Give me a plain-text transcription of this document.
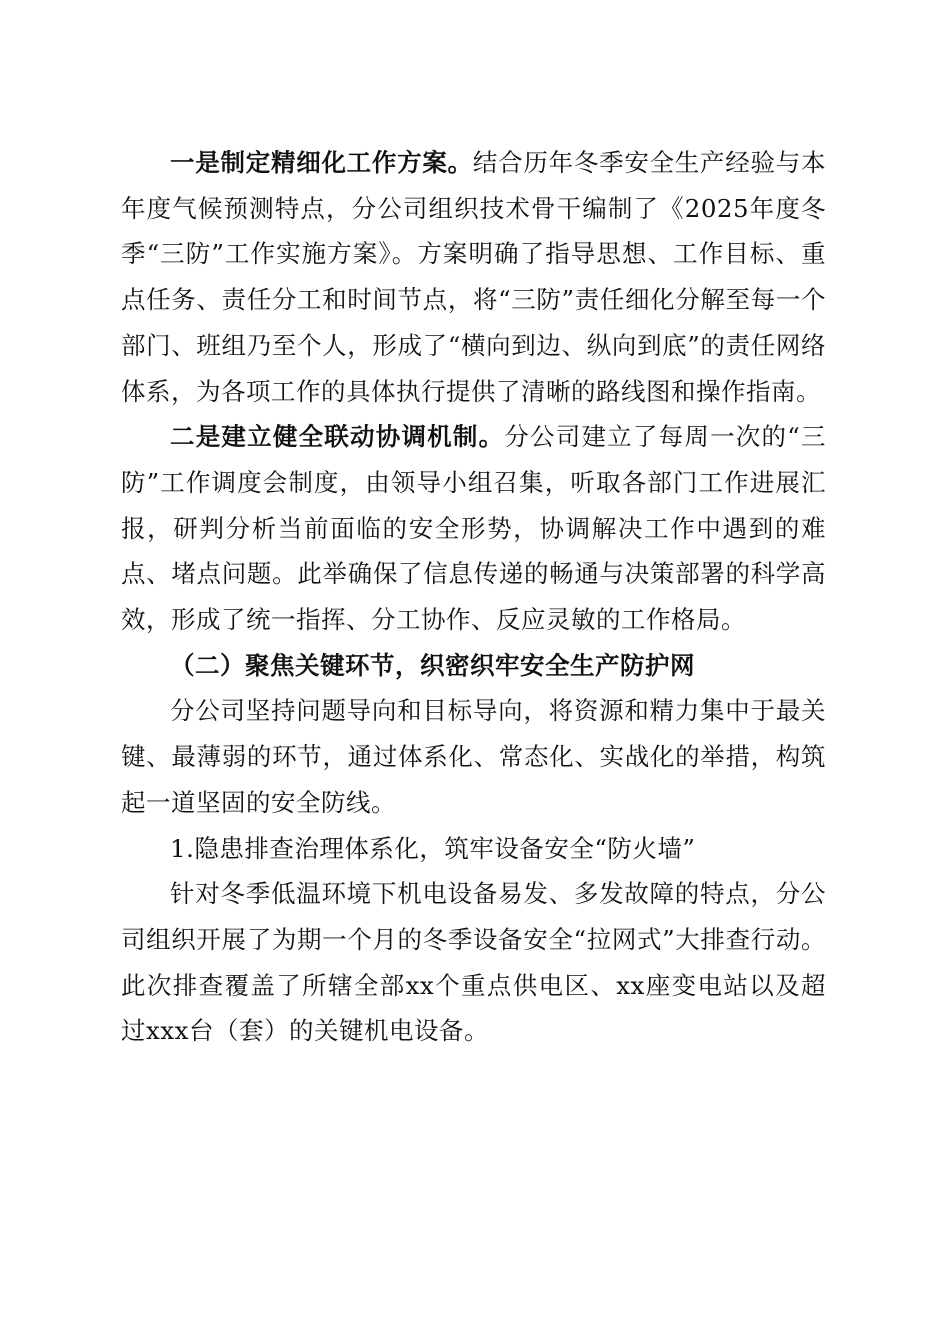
一是制定精细化工作方案。结合历年冬季安全生产经验与本年度气候预测特点，分公司组织技术骨干编制了《2025年度冬季“三防”工作实施方案》。方案明确了指导思想、工作目标、重点任务、责任分工和时间节点，将“三防”责任细化分解至每一个部门、班组乃至个人，形成了“横向到边、纵向到底”的责任网络体系，为各项工作的具体执行提供了清晰的路线图和操作指南。

二是建立健全联动协调机制。分公司建立了每周一次的“三防”工作调度会制度，由领导小组召集，听取各部门工作进展汇报，研判分析当前面临的安全形势，协调解决工作中遇到的难点、堵点问题。此举确保了信息传递的畅通与决策部署的科学高效，形成了统一指挥、分工协作、反应灵敏的工作格局。

（二）聚焦关键环节，织密织牢安全生产防护网

分公司坚持问题导向和目标导向，将资源和精力集中于最关键、最薄弱的环节，通过体系化、常态化、实战化的举措，构筑起一道坚固的安全防线。

1.隐患排查治理体系化，筑牢设备安全“防火墙”

针对冬季低温环境下机电设备易发、多发故障的特点，分公司组织开展了为期一个月的冬季设备安全“拉网式”大排查行动。此次排查覆盖了所辖全部xx个重点供电区、xx座变电站以及超过xxx台（套）的关键机电设备。
